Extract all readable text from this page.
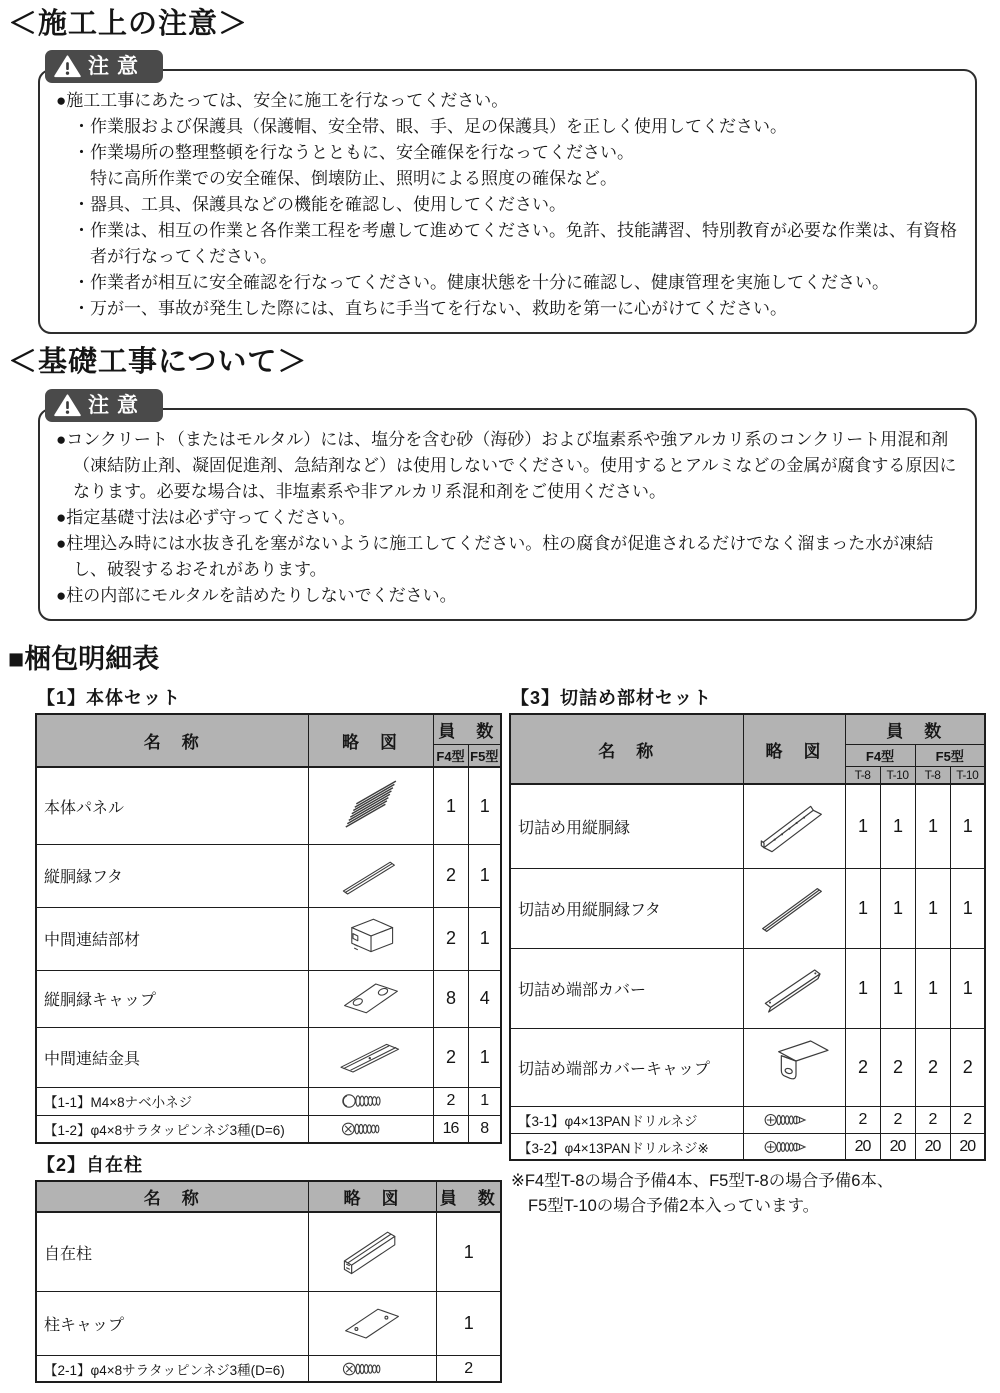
＜施工上の注意＞
注意
●施工工事にあたっては、安全に施工を行なってください。
・作業服および保護具（保護帽、安全帯、眼、手、足の保護具）を正しく使用してください。
・作業場所の整理整頓を行なうとともに、安全確保を行なってください。
特に高所作業での安全確保、倒壊防止、照明による照度の確保など。
・器具、工具、保護具などの機能を確認し、使用してください。
・作業は、相互の作業と各作業工程を考慮して進めてください。免許、技能講習、特別教育が必要な作業は、有資格者が行なってください。
・作業者が相互に安全確認を行なってください。健康状態を十分に確認し、健康管理を実施してください。
・万が一、事故が発生した際には、直ちに手当てを行ない、救助を第一に心がけてください。
＜基礎工事について＞
注意
●コンクリート（またはモルタル）には、塩分を含む砂（海砂）および塩素系や強アルカリ系のコンクリート用混和剤（凍結防止剤、凝固促進剤、急結剤など）は使用しないでください。使用するとアルミなどの金属が腐食する原因になります。必要な場合は、非塩素系や非アルカリ系混和剤をご使用ください。
●指定基礎寸法は必ず守ってください。
●柱埋込み時には水抜き孔を塞がないように施工してください。柱の腐食が促進されるだけでなく溜まった水が凍結し、破裂するおそれがあります。
●柱の内部にモルタルを詰めたりしないでください。
■梱包明細表
【1】本体セット
名　称	略　図	員　数	
		F4型	F5型
本体パネル		1	1
縦胴縁フタ		2	1
中間連結部材		2	1
縦胴縁キャップ		8	4
中間連結金具		2	1
【1-1】M4×8ナベ小ネジ		2	1
【1-2】φ4×8サラタッピンネジ3種(D=6)		16	8
【2】自在柱
名　称	略　図	員　数
自在柱		1
柱キャップ		1
【2-1】φ4×8サラタッピンネジ3種(D=6)		2
【3】切詰め部材セット
名　称	略　図	員　数			
		F4型		F5型	
		T-8	T-10	T-8	T-10
切詰め用縦胴縁		1	1	1	1
切詰め用縦胴縁フタ		1	1	1	1
切詰め端部カバー		1	1	1	1
切詰め端部カバーキャップ		2	2	2	2
【3-1】φ4×13PANドリルネジ		2	2	2	2
【3-2】φ4×13PANドリルネジ※		20	20	20	20
※F4型T-8の場合予備4本、F5型T-8の場合予備6本、
F5型T-10の場合予備2本入っています。
